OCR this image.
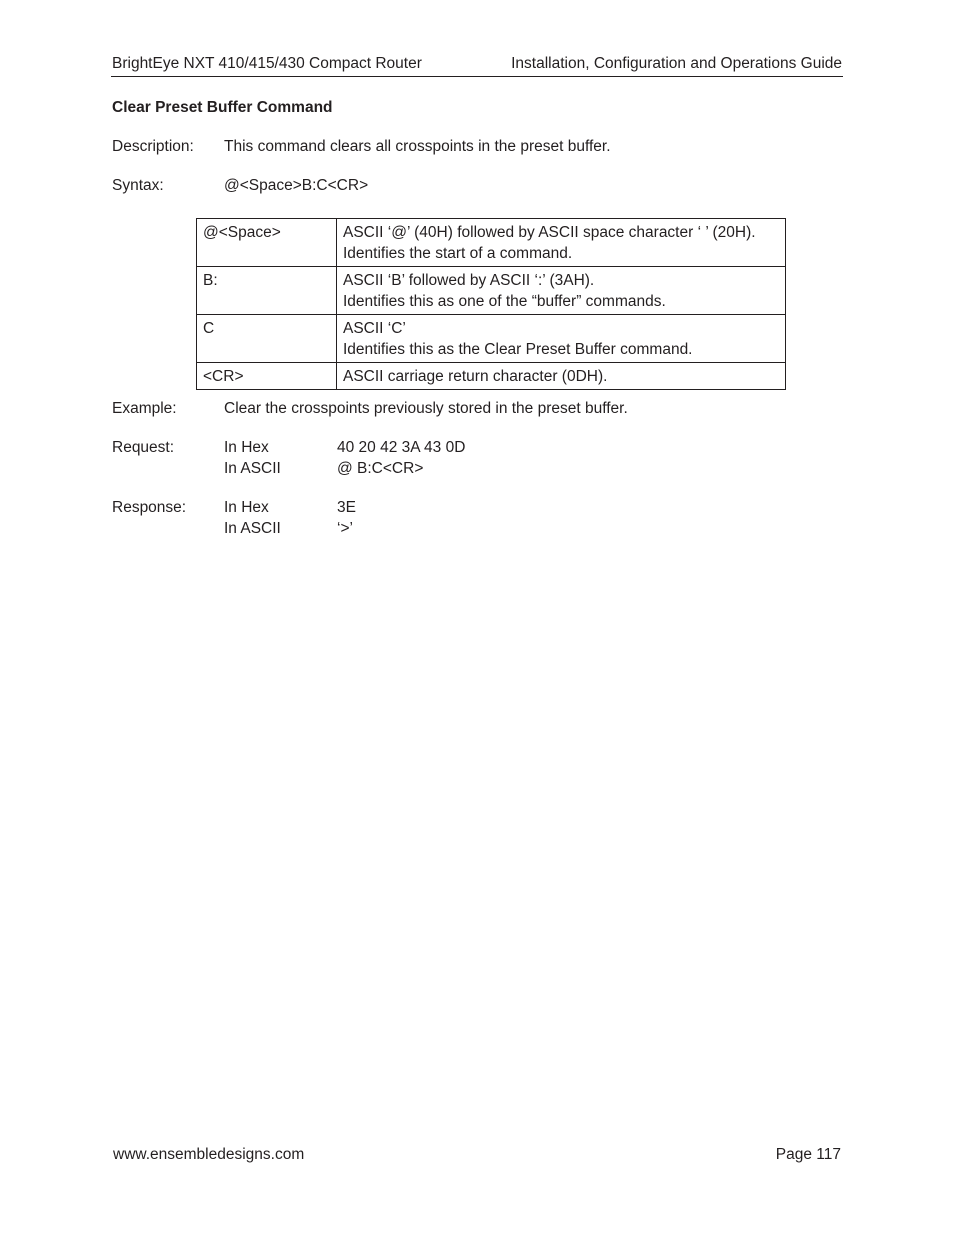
BrightEye NXT 410/415/430 Compact Router	Installation, Configuration and Operations Guide
Clear Preset Buffer Command
Description: This command clears all crosspoints in the preset buffer.
Syntax:	@<Space>B:C<CR>
@<Space>	ASCII ‘@’ (40H) followed by ASCII space character ‘ ’ (20H).
Identifies the start of a command.

B:	ASCII ‘B’ followed by ASCII ‘:’ (3AH).
Identifies this as one of the “buffer” commands.

C	ASCII ‘C’
Identifies this as the Clear Preset Buffer command.

<CR>	ASCII carriage return character (0DH).
Example:	Clear the crosspoints previously stored in the preset buffer.
Request:	In Hex	40 20 42 3A 43 0D
In ASCII	@ B:C<CR>
Response: In Hex	3E
In ASCII	‘>’
www.ensembledesigns.com	Page 117
